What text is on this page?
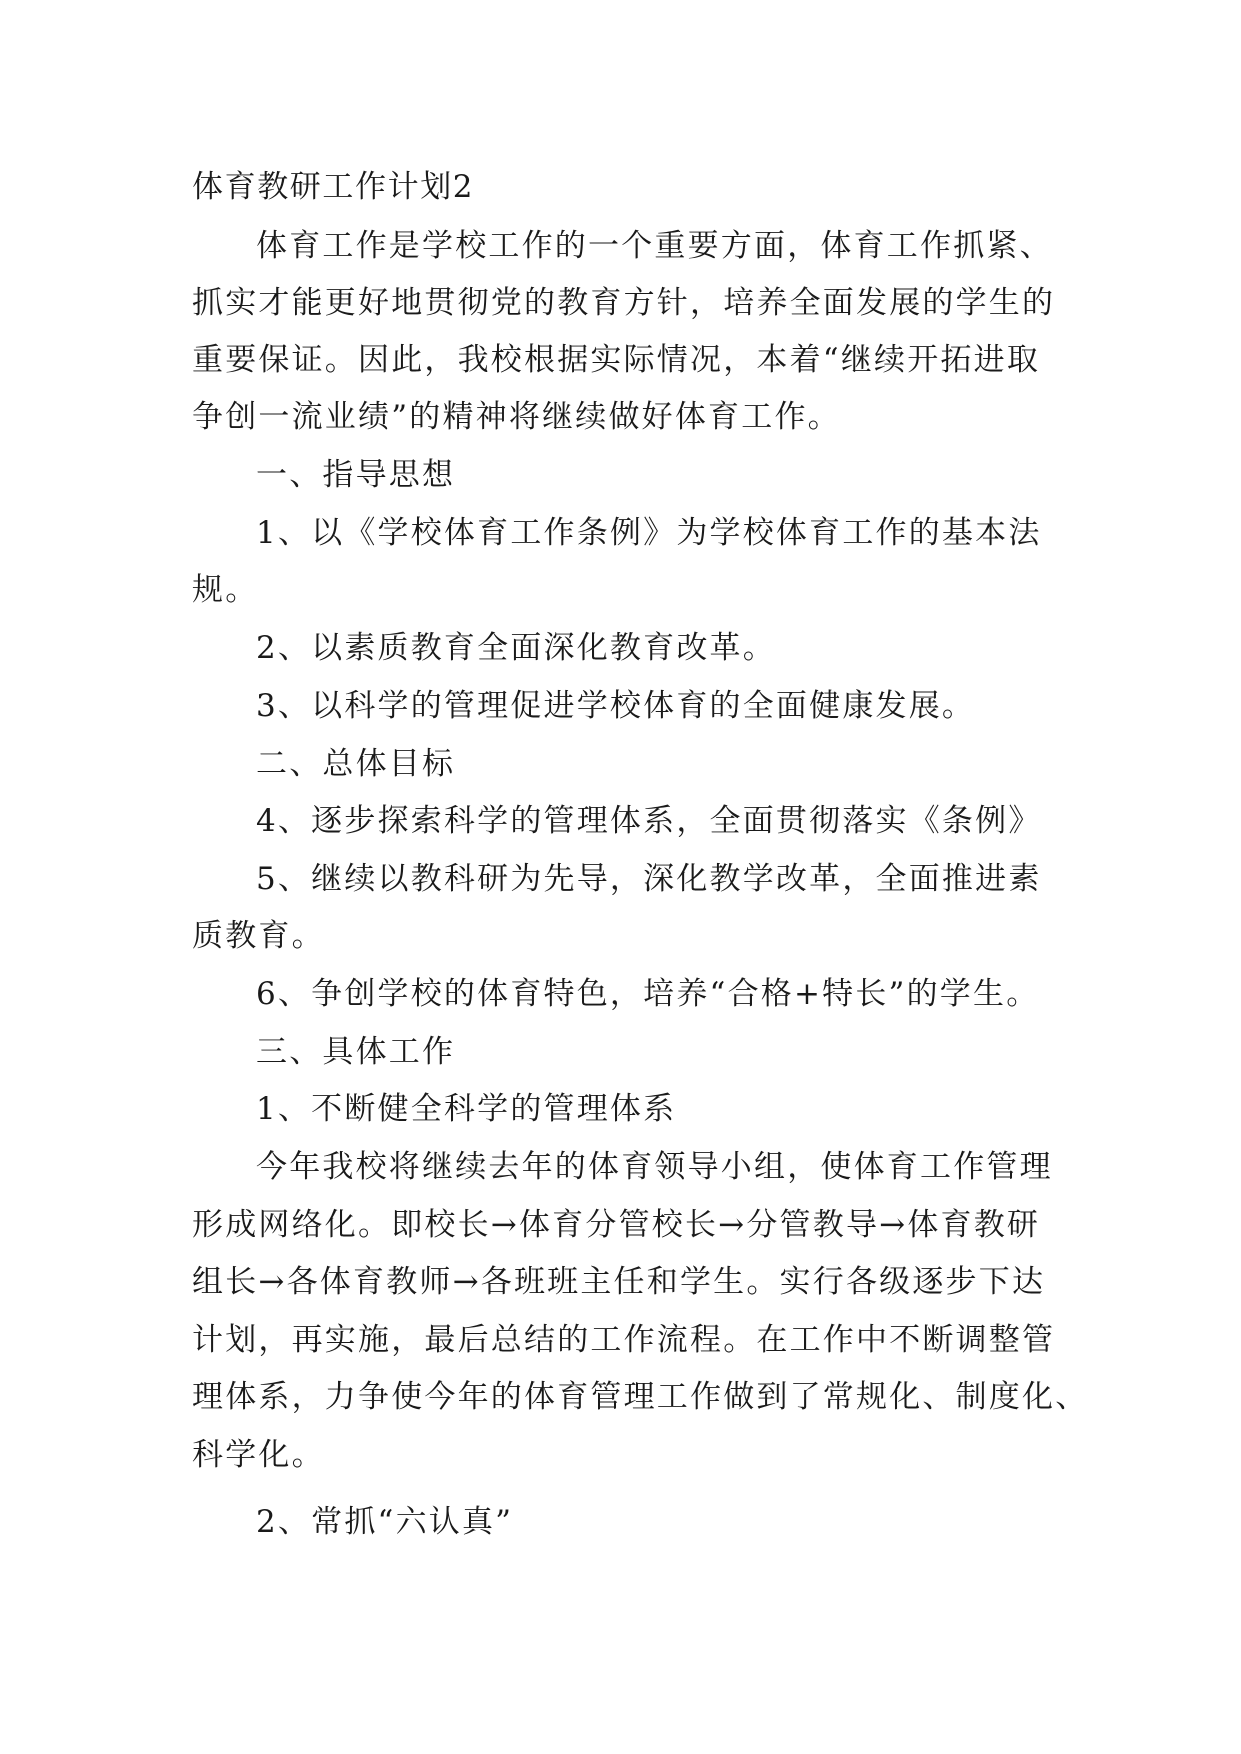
体育教研工作计划2
体育工作是学校工作的一个重要方面，体育工作抓紧、
抓实才能更好地贯彻党的教育方针，培养全面发展的学生的
重要保证。因此，我校根据实际情况，本着“继续开拓进取
争创一流业绩”的精神将继续做好体育工作。
一、指导思想
1、以《学校体育工作条例》为学校体育工作的基本法
规。
2、以素质教育全面深化教育改革。
3、以科学的管理促进学校体育的全面健康发展。
二、总体目标
4、逐步探索科学的管理体系，全面贯彻落实《条例》
5、继续以教科研为先导，深化教学改革，全面推进素
质教育。
6、争创学校的体育特色，培养“合格+特长”的学生。
三、具体工作
1、不断健全科学的管理体系
今年我校将继续去年的体育领导小组，使体育工作管理
形成网络化。即校长→体育分管校长→分管教导→体育教研
组长→各体育教师→各班班主任和学生。实行各级逐步下达
计划，再实施，最后总结的工作流程。在工作中不断调整管
理体系，力争使今年的体育管理工作做到了常规化、制度化、
科学化。
2、常抓“六认真”
